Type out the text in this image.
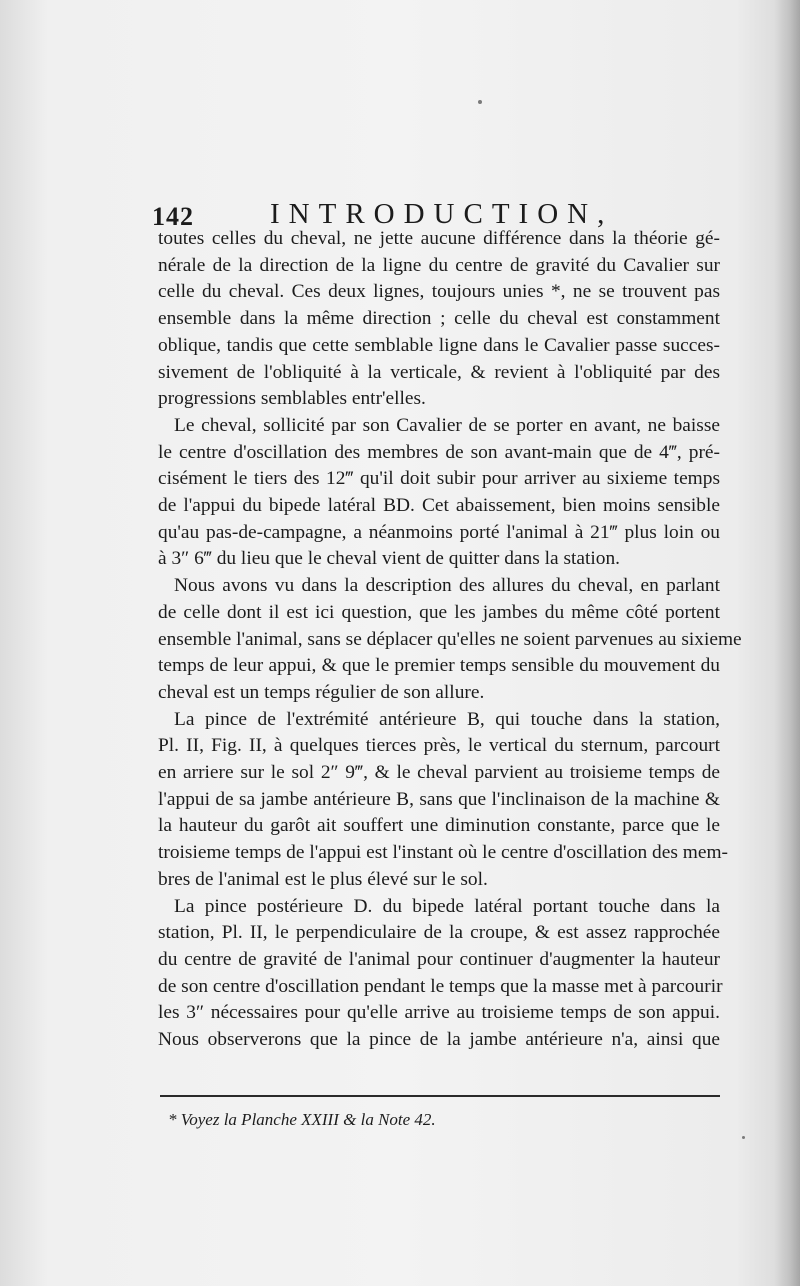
142	INTRODUCTION,
toutes celles du cheval, ne jette aucune différence dans la théorie gé-
nérale de la direction de la ligne du centre de gravité du Cavalier sur
celle du cheval. Ces deux lignes, toujours unies *, ne se trouvent pas
ensemble dans la même direction ; celle du cheval est constamment
oblique, tandis que cette semblable ligne dans le Cavalier passe succes-
sivement de l'obliquité à la verticale, & revient à l'obliquité par des
progressions semblables entr'elles.
Le cheval, sollicité par son Cavalier de se porter en avant, ne baisse
le centre d'oscillation des membres de son avant-main que de 4‴, pré-
cisément le tiers des 12‴ qu'il doit subir pour arriver au sixieme temps
de l'appui du bipede latéral BD. Cet abaissement, bien moins sensible
qu'au pas-de-campagne, a néanmoins porté l'animal à 21‴ plus loin ou
à 3″ 6‴ du lieu que le cheval vient de quitter dans la station.
Nous avons vu dans la description des allures du cheval, en parlant
de celle dont il est ici question, que les jambes du même côté portent
ensemble l'animal, sans se déplacer qu'elles ne soient parvenues au sixieme
temps de leur appui, & que le premier temps sensible du mouvement du
cheval est un temps régulier de son allure.
La pince de l'extrémité antérieure B, qui touche dans la station,
Pl. II, Fig. II, à quelques tierces près, le vertical du sternum, parcourt
en arriere sur le sol 2″ 9‴, & le cheval parvient au troisieme temps de
l'appui de sa jambe antérieure B, sans que l'inclinaison de la machine &
la hauteur du garôt ait souffert une diminution constante, parce que le
troisieme temps de l'appui est l'instant où le centre d'oscillation des mem-
bres de l'animal est le plus élevé sur le sol.
La pince postérieure D. du bipede latéral portant touche dans la
station, Pl. II, le perpendiculaire de la croupe, & est assez rapprochée
du centre de gravité de l'animal pour continuer d'augmenter la hauteur
de son centre d'oscillation pendant le temps que la masse met à parcourir
les 3″ nécessaires pour qu'elle arrive au troisieme temps de son appui.
Nous observerons que la pince de la jambe antérieure n'a, ainsi que
* Voyez la Planche XXIII & la Note 42.
